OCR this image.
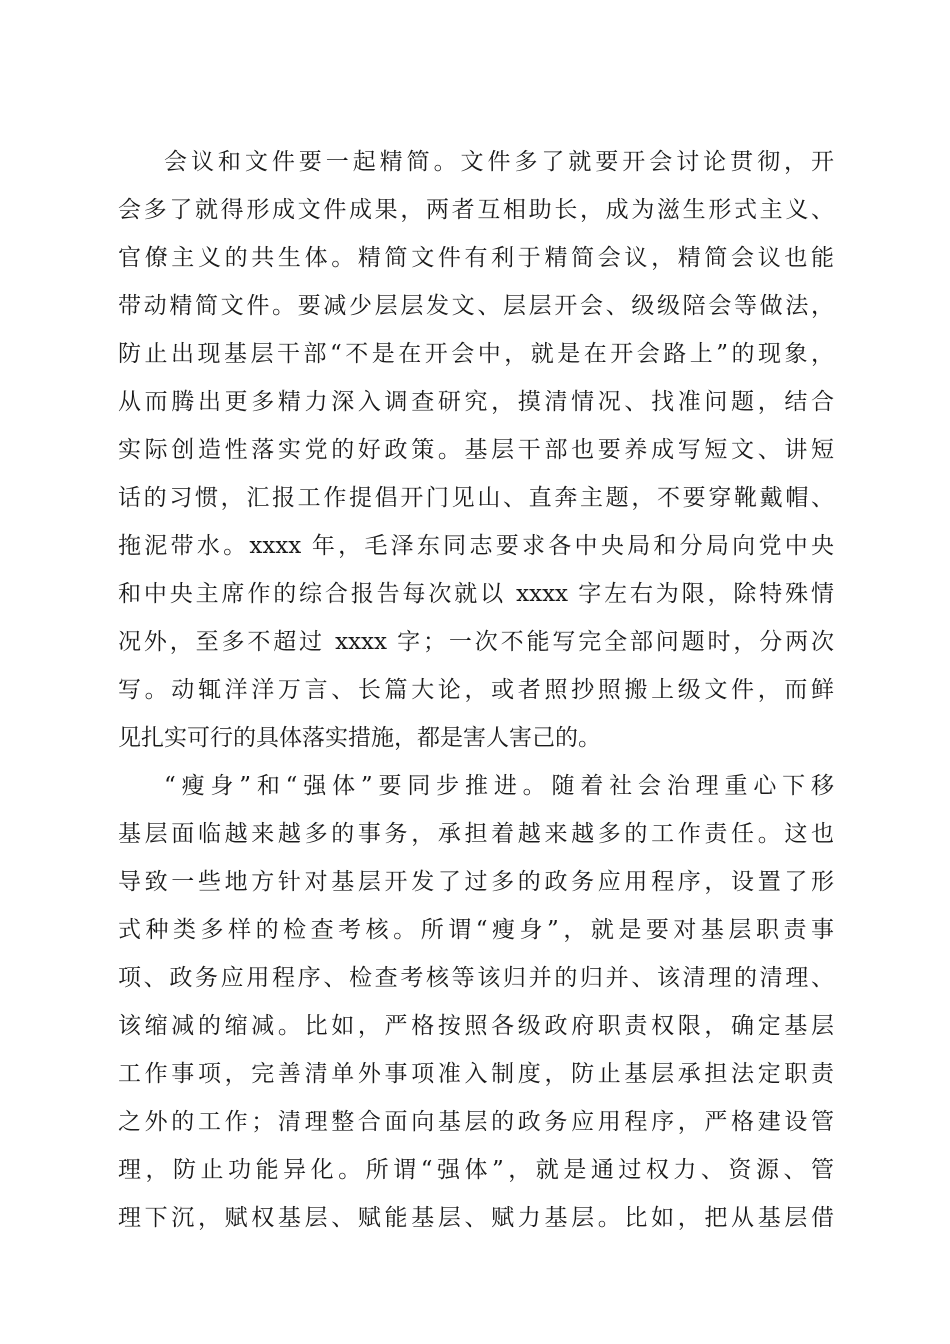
会议和文件要一起精简。文件多了就要开会讨论贯彻，开
会多了就得形成文件成果，两者互相助长，成为滋生形式主义、
官僚主义的共生体。精简文件有利于精简会议，精简会议也能
带动精简文件。要减少层层发文、层层开会、级级陪会等做法，
防止出现基层干部“不是在开会中，就是在开会路上”的现象，
从而腾出更多精力深入调查研究，摸清情况、找准问题，结合
实际创造性落实党的好政策。基层干部也要养成写短文、讲短
话的习惯，汇报工作提倡开门见山、直奔主题，不要穿靴戴帽、
拖泥带水。xxxx 年，毛泽东同志要求各中央局和分局向党中央
和中央主席作的综合报告每次就以 xxxx 字左右为限，除特殊情
况外，至多不超过 xxxx 字；一次不能写完全部问题时，分两次
写。动辄洋洋万言、长篇大论，或者照抄照搬上级文件，而鲜
见扎实可行的具体落实措施，都是害人害己的。
“瘦身”和“强体”要同步推进。随着社会治理重心下移
基层面临越来越多的事务，承担着越来越多的工作责任。这也
导致一些地方针对基层开发了过多的政务应用程序，设置了形
式种类多样的检查考核。所谓“瘦身”，就是要对基层职责事
项、政务应用程序、检查考核等该归并的归并、该清理的清理、
该缩减的缩减。比如，严格按照各级政府职责权限，确定基层
工作事项，完善清单外事项准入制度，防止基层承担法定职责
之外的工作；清理整合面向基层的政务应用程序，严格建设管
理，防止功能异化。所谓“强体”，就是通过权力、资源、管
理下沉，赋权基层、赋能基层、赋力基层。比如，把从基层借
